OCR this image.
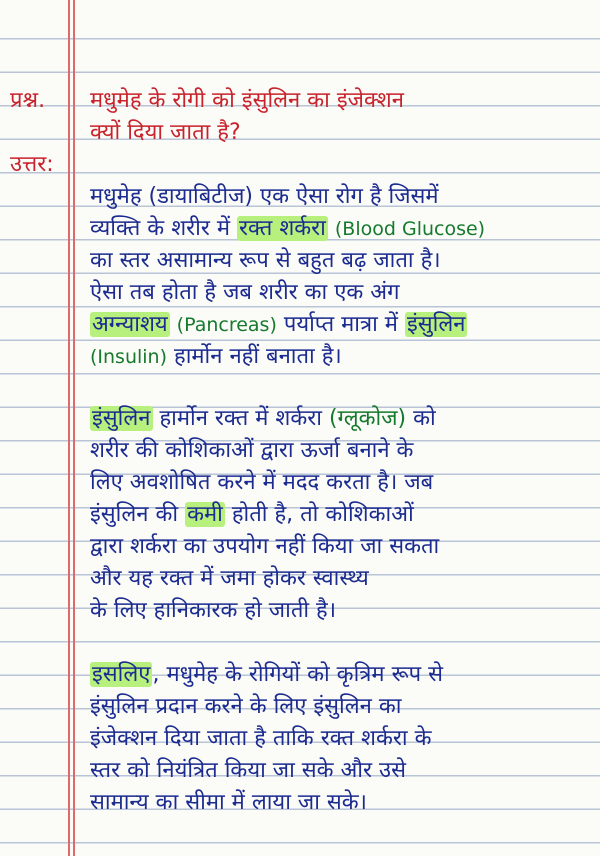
प्रश्न. मधुमेह के रोगी को इंसुलिन का इंजेक्शन
क्यों दिया जाता है?
उत्तर:
मधुमेह (डायाबिटीज) एक ऐसा रोग है जिसमें
व्यक्ति के शरीर में रक्त शर्करा (Blood Glucose)
का स्तर असामान्य रूप से बहुत बढ़ जाता है।
ऐसा तब होता है जब शरीर का एक अंग
अग्न्याशय (Pancreas) पर्याप्त मात्रा में इंसुलिन
(Insulin) हार्मोन नहीं बनाता है।
इंसुलिन हार्मोन रक्त में शर्करा (ग्लूकोज) को
शरीर की कोशिकाओं द्वारा ऊर्जा बनाने के
लिए अवशोषित करने में मदद करता है। जब
इंसुलिन की कमी होती है, तो कोशिकाओं
द्वारा शर्करा का उपयोग नहीं किया जा सकता
और यह रक्त में जमा होकर स्वास्थ्य
के लिए हानिकारक हो जाती है।
इसलिए, मधुमेह के रोगियों को कृत्रिम रूप से
इंसुलिन प्रदान करने के लिए इंसुलिन का
इंजेक्शन दिया जाता है ताकि रक्त शर्करा के
स्तर को नियंत्रित किया जा सके और उसे
सामान्य का सीमा में लाया जा सके।
